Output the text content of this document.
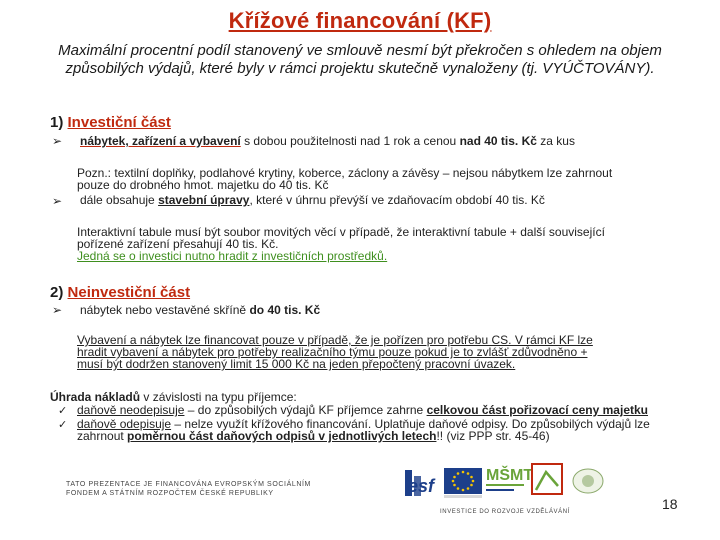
Křížové financování (KF)
Maximální procentní podíl stanovený ve smlouvě nesmí být překročen s ohledem na objem způsobilých výdajů, které byly v rámci projektu skutečně vynaloženy (tj. VYÚČTOVÁNY).
1) Investiční část
➢ nábytek, zařízení a vybavení s dobou použitelnosti nad 1 rok a cenou nad 40 tis. Kč za kus
Pozn.: textilní doplňky, podlahové krytiny, koberce, záclony a závěsy – nejsou nábytkem lze zahrnout
pouze do drobného hmot. majetku do 40 tis. Kč
➢ dále obsahuje stavební úpravy, které v úhrnu převýší ve zdaňovacím období 40 tis. Kč
Interaktivní tabule musí být soubor movitých věcí v případě, že interaktivní tabule + další související
pořízené zařízení přesahují 40 tis. Kč.
Jedná se o investici nutno hradit z investičních prostředků.
2) Neinvestiční část
➢ nábytek nebo vestavěné skříně do 40 tis. Kč
Vybavení a nábytek lze financovat pouze v případě, že je pořízen pro potřebu CS. V rámci KF lze
hradit vybavení a nábytek pro potřeby realizačního týmu pouze pokud je to zvlášť zdůvodněno +
musí být dodržen stanovený limit 15 000 Kč na jeden přepočtený pracovní úvazek.
Úhrada nákladů v závislosti na typu příjemce:
✓ daňově neodepisuje – do způsobilých výdajů KF příjemce zahrne celkovou část pořizovací ceny majetku
✓ daňově odepisuje – nelze využít křížového financování. Uplatňuje daňové odpisy. Do způsobilých výdajů lze
zahrnout poměrnou část daňových odpisů v jednotlivých letech!! (viz PPP str. 45-46)
TATO PREZENTACE JE FINANCOVÁNA EVROPSKÝM SOCIÁLNÍM
FONDEM A STÁTNÍM ROZPOČTEM ČESKÉ REPUBLIKY	esf
MŠMT
INVESTICE DO ROZVOJE VZDĚLÁVÁNÍ	18
